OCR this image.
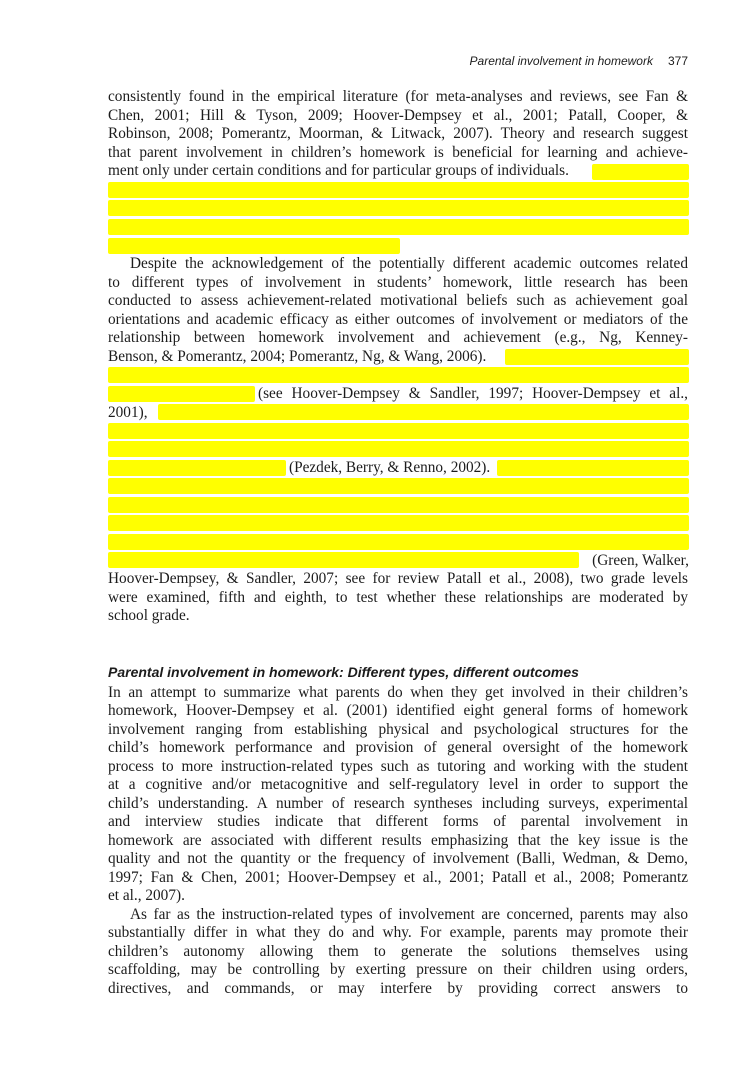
Parental involvement in homework 377
consistently found in the empirical literature (for meta-analyses and reviews, see Fan &
Chen, 2001; Hill & Tyson, 2009; Hoover-Dempsey et al., 2001; Patall, Cooper, &
Robinson, 2008; Pomerantz, Moorman, & Litwack, 2007). Theory and research suggest
that parent involvement in children’s homework is beneficial for learning and achieve-
ment only under certain conditions and for particular groups of individuals.
Despite the acknowledgement of the potentially different academic outcomes related
to different types of involvement in students’ homework, little research has been
conducted to assess achievement-related motivational beliefs such as achievement goal
orientations and academic efficacy as either outcomes of involvement or mediators of the
relationship between homework involvement and achievement (e.g., Ng, Kenney-
Benson, & Pomerantz, 2004; Pomerantz, Ng, & Wang, 2006).
(see Hoover-Dempsey & Sandler, 1997; Hoover-Dempsey et al.,
2001),
(Pezdek, Berry, & Renno, 2002).
(Green, Walker,
Hoover-Dempsey, & Sandler, 2007; see for review Patall et al., 2008), two grade levels
were examined, fifth and eighth, to test whether these relationships are moderated by
school grade.
Parental involvement in homework: Different types, different outcomes
In an attempt to summarize what parents do when they get involved in their children’s
homework, Hoover-Dempsey et al. (2001) identified eight general forms of homework
involvement ranging from establishing physical and psychological structures for the
child’s homework performance and provision of general oversight of the homework
process to more instruction-related types such as tutoring and working with the student
at a cognitive and/or metacognitive and self-regulatory level in order to support the
child’s understanding. A number of research syntheses including surveys, experimental
and interview studies indicate that different forms of parental involvement in
homework are associated with different results emphasizing that the key issue is the
quality and not the quantity or the frequency of involvement (Balli, Wedman, & Demo,
1997; Fan & Chen, 2001; Hoover-Dempsey et al., 2001; Patall et al., 2008; Pomerantz
et al., 2007).
As far as the instruction-related types of involvement are concerned, parents may also
substantially differ in what they do and why. For example, parents may promote their
children’s autonomy allowing them to generate the solutions themselves using
scaffolding, may be controlling by exerting pressure on their children using orders,
directives, and commands, or may interfere by providing correct answers to
